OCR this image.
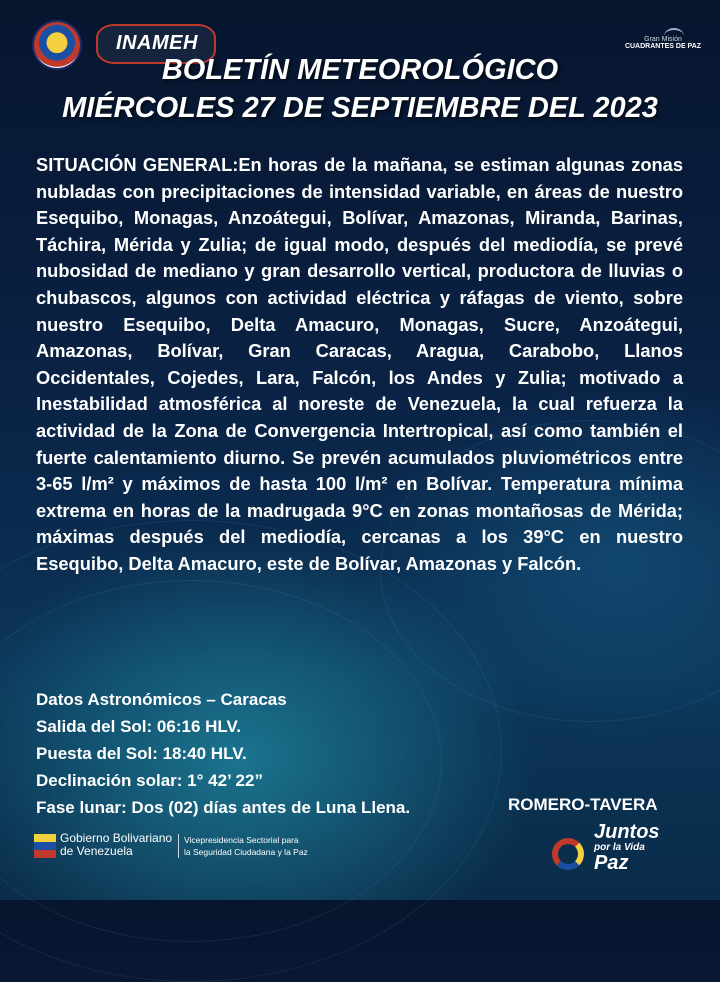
INAMEH	Gran Misión
CUADRANTES DE PAZ
BOLETÍN METEOROLÓGICO
MIÉRCOLES 27 DE SEPTIEMBRE DEL 2023
SITUACIÓN GENERAL:En horas de la mañana, se estiman algunas zonas nubladas con precipitaciones de intensidad variable, en áreas de nuestro Esequibo, Monagas, Anzoátegui, Bolívar, Amazonas, Miranda, Barinas, Táchira, Mérida y Zulia; de igual modo, después del mediodía, se prevé nubosidad de mediano y gran desarrollo vertical, productora de lluvias o chubascos, algunos con actividad eléctrica y ráfagas de viento, sobre nuestro Esequibo, Delta Amacuro, Monagas, Sucre, Anzoátegui, Amazonas, Bolívar, Gran Caracas, Aragua, Carabobo, Llanos Occidentales, Cojedes, Lara, Falcón, los Andes y Zulia; motivado a Inestabilidad atmosférica al noreste de Venezuela, la cual refuerza la actividad de la Zona de Convergencia Intertropical, así como también el fuerte calentamiento diurno. Se prevén acumulados pluviométricos entre 3-65 l/m² y máximos de hasta 100 l/m² en Bolívar. Temperatura mínima extrema en horas de la madrugada 9°C en zonas montañosas de Mérida; máximas después del mediodía, cercanas a los 39°C en nuestro Esequibo, Delta Amacuro, este de Bolívar, Amazonas y Falcón.
Datos Astronómicos – Caracas
Salida del Sol: 06:16 HLV.
Puesta del Sol: 18:40 HLV.
Declinación solar: 1° 42’ 22”
Fase lunar: Dos (02) días antes de Luna Llena.	ROMERO-TAVERA
Gobierno Bolivariano
de Venezuela
Vicepresidencia Sectorial para
la Seguridad Ciudadana y la Paz
Juntos
por la Vida
Paz
